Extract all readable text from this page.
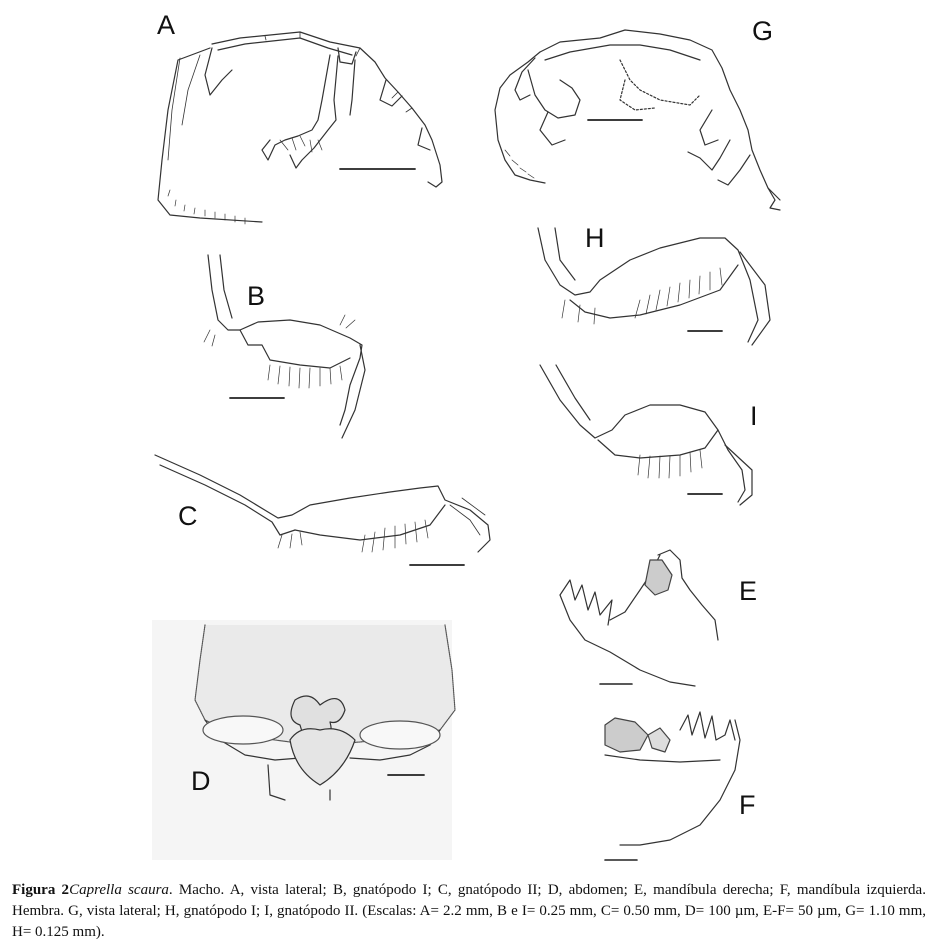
A
B
C
D
E
F
G
H
I
Figura 2Caprella scaura. Macho. A, vista lateral; B, gnatópodo I; C, gnatópodo II; D, abdomen; E, mandíbula derecha; F, mandíbula izquierda. Hembra. G, vista lateral; H, gnatópodo I; I, gnatópodo II. (Escalas: A= 2.2 mm, B e I= 0.25 mm, C= 0.50 mm, D= 100 µm, E-F= 50 µm, G= 1.10 mm, H= 0.125 mm).
